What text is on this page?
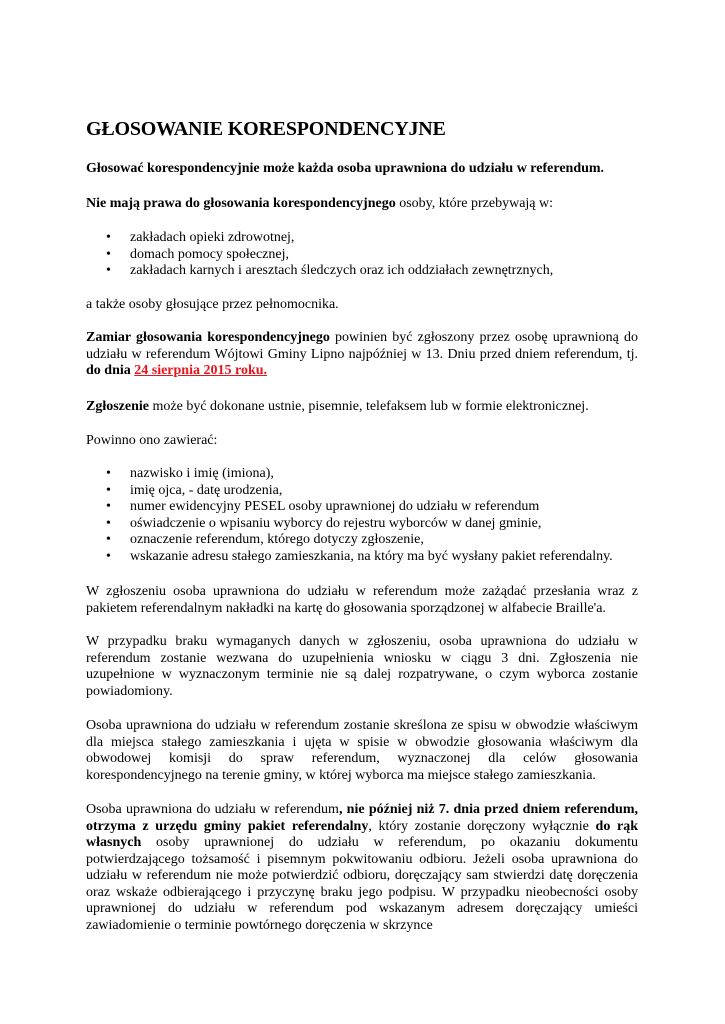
GŁOSOWANIE KORESPONDENCYJNE

Głosować korespondencyjnie może każda osoba uprawniona do udziału w referendum.

Nie mają prawa do głosowania korespondencyjnego osoby, które przebywają w:

• zakładach opieki zdrowotnej,
• domach pomocy społecznej,
• zakładach karnych i aresztach śledczych oraz ich oddziałach zewnętrznych,

a także osoby głosujące przez pełnomocnika.

Zamiar głosowania korespondencyjnego powinien być zgłoszony przez osobę uprawnioną do udziału w referendum Wójtowi Gminy Lipno najpóźniej w 13. Dniu przed dniem referendum, tj. do dnia 24 sierpnia 2015 roku.

Zgłoszenie może być dokonane ustnie, pisemnie, telefaksem lub w formie elektronicznej.

Powinno ono zawierać:

• nazwisko i imię (imiona),
• imię ojca, - datę urodzenia,
• numer ewidencyjny PESEL osoby uprawnionej do udziału w referendum
• oświadczenie o wpisaniu wyborcy do rejestru wyborców w danej gminie,
• oznaczenie referendum, którego dotyczy zgłoszenie,
• wskazanie adresu stałego zamieszkania, na który ma być wysłany pakiet referendalny.

W zgłoszeniu osoba uprawniona do udziału w referendum może zażądać przesłania wraz z pakietem referendalnym nakładki na kartę do głosowania sporządzonej w alfabecie Braille'a.

W przypadku braku wymaganych danych w zgłoszeniu, osoba uprawniona do udziału w referendum zostanie wezwana do uzupełnienia wniosku w ciągu 3 dni. Zgłoszenia nie uzupełnione w wyznaczonym terminie nie są dalej rozpatrywane, o czym wyborca zostanie powiadomiony.

Osoba uprawniona do udziału w referendum zostanie skreślona ze spisu w obwodzie właściwym dla miejsca stałego zamieszkania i ujęta w spisie w obwodzie głosowania właściwym dla obwodowej komisji do spraw referendum, wyznaczonej dla celów głosowania korespondencyjnego na terenie gminy, w której wyborca ma miejsce stałego zamieszkania.

Osoba uprawniona do udziału w referendum, nie później niż 7. dnia przed dniem referendum, otrzyma z urzędu gminy pakiet referendalny, który zostanie doręczony wyłącznie do rąk własnych osoby uprawnionej do udziału w referendum, po okazaniu dokumentu potwierdzającego tożsamość i pisemnym pokwitowaniu odbioru. Jeżeli osoba uprawniona do udziału w referendum nie może potwierdzić odbioru, doręczający sam stwierdzi datę doręczenia oraz wskaże odbierającego i przyczynę braku jego podpisu. W przypadku nieobecności osoby uprawnionej do udziału w referendum pod wskazanym adresem doręczający umieści zawiadomienie o terminie powtórnego doręczenia w skrzynce
